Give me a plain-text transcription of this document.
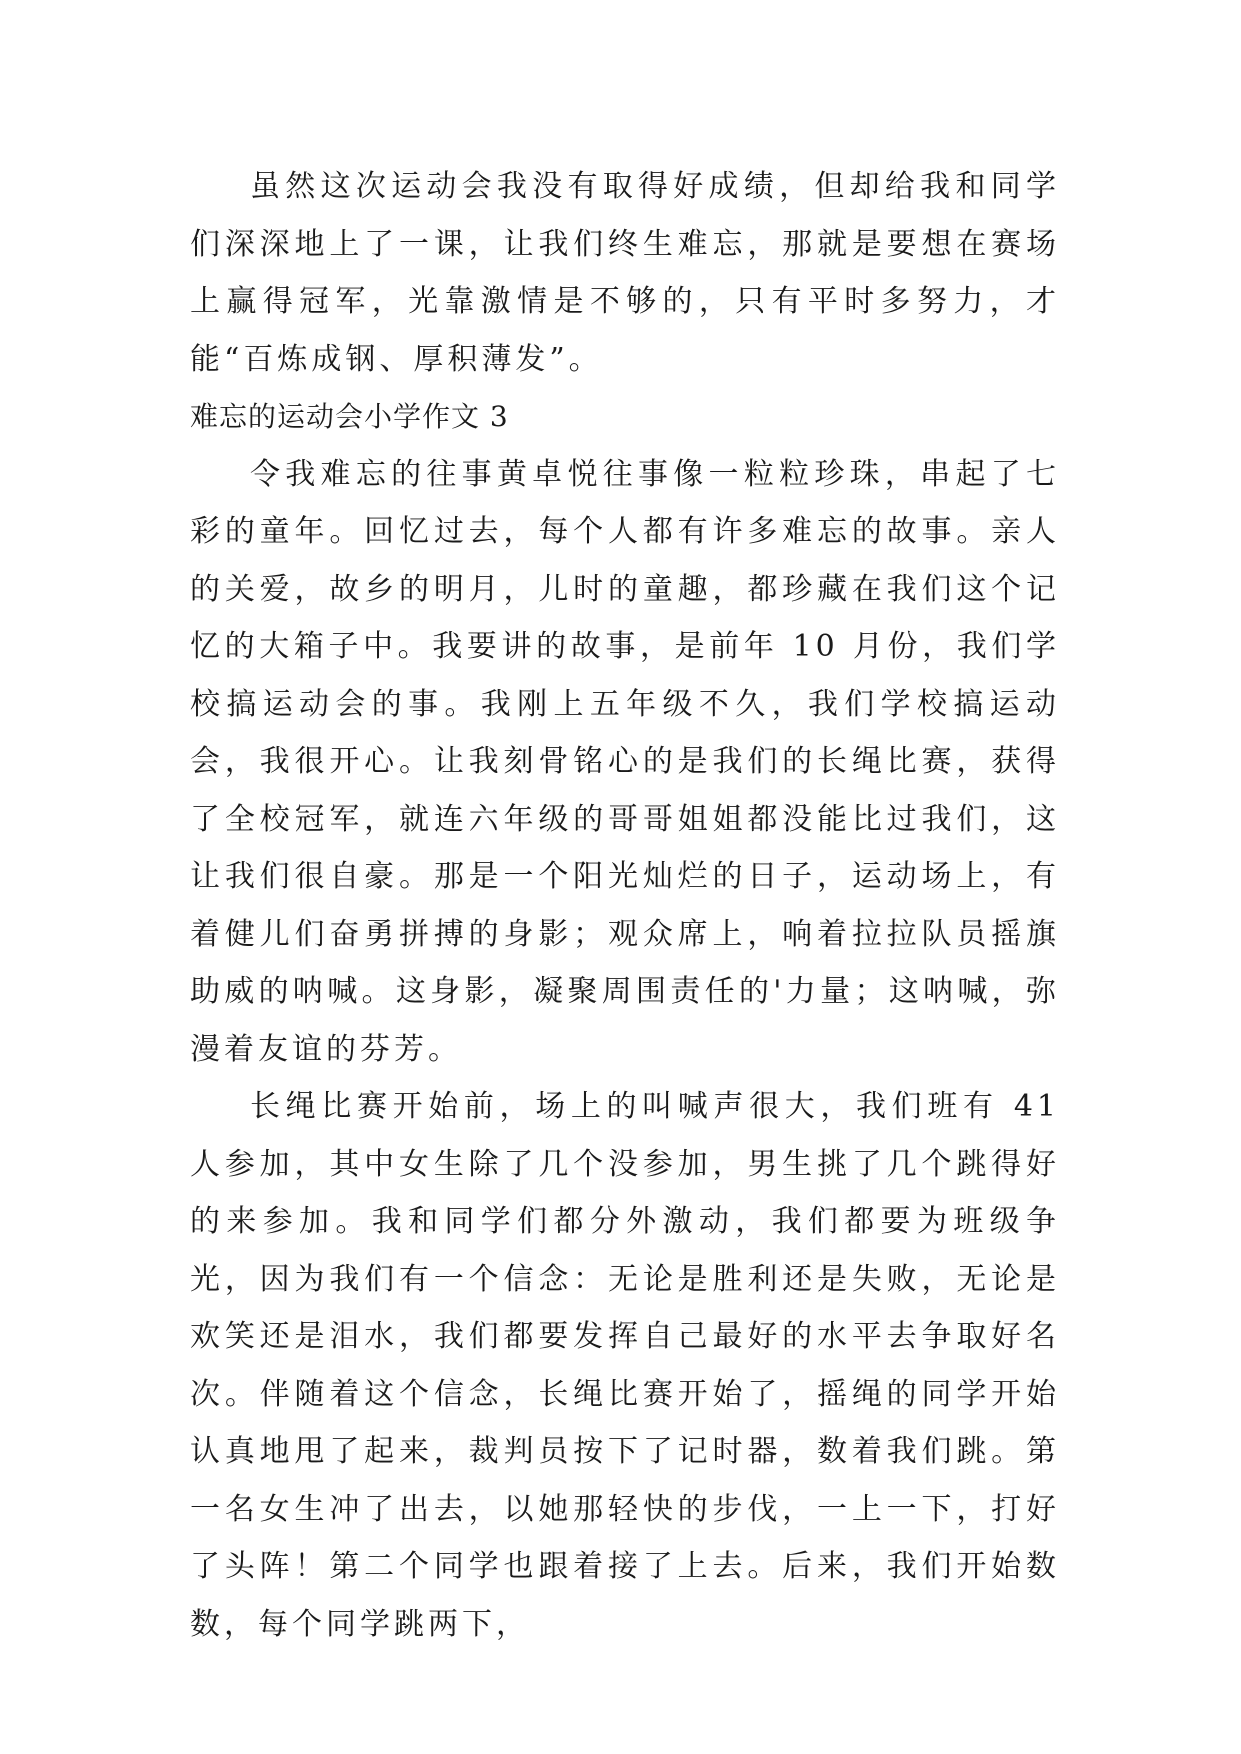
虽然这次运动会我没有取得好成绩，但却给我和同学们深深地上了一课，让我们终生难忘，那就是要想在赛场上赢得冠军，光靠激情是不够的，只有平时多努力，才能“百炼成钢、厚积薄发”。

难忘的运动会小学作文 3

令我难忘的往事黄卓悦往事像一粒粒珍珠，串起了七彩的童年。回忆过去，每个人都有许多难忘的故事。亲人的关爱，故乡的明月，儿时的童趣，都珍藏在我们这个记忆的大箱子中。我要讲的故事，是前年 10 月份，我们学校搞运动会的事。我刚上五年级不久，我们学校搞运动会，我很开心。让我刻骨铭心的是我们的长绳比赛，获得了全校冠军，就连六年级的哥哥姐姐都没能比过我们，这让我们很自豪。那是一个阳光灿烂的日子，运动场上，有着健儿们奋勇拼搏的身影；观众席上，响着拉拉队员摇旗助威的呐喊。这身影，凝聚周围责任的'力量；这呐喊，弥漫着友谊的芬芳。

长绳比赛开始前，场上的叫喊声很大，我们班有 41 人参加，其中女生除了几个没参加，男生挑了几个跳得好的来参加。我和同学们都分外激动，我们都要为班级争光，因为我们有一个信念：无论是胜利还是失败，无论是欢笑还是泪水，我们都要发挥自己最好的水平去争取好名次。伴随着这个信念，长绳比赛开始了，摇绳的同学开始认真地甩了起来，裁判员按下了记时器，数着我们跳。第一名女生冲了出去，以她那轻快的步伐，一上一下，打好了头阵！第二个同学也跟着接了上去。后来，我们开始数数，每个同学跳两下，
